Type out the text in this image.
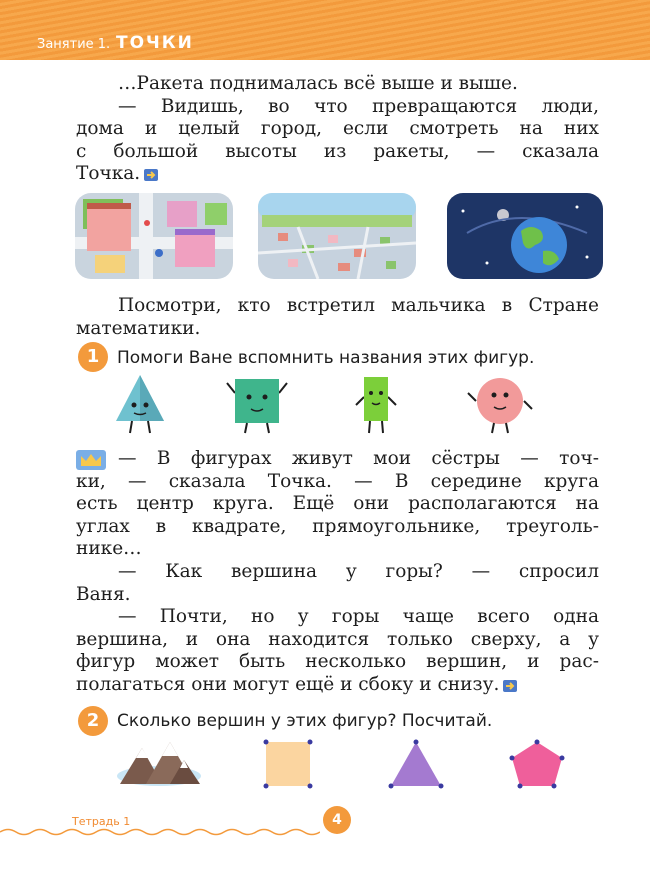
Занятие 1. ТОЧКИ
…Ракета поднималась всё выше и выше.
— Видишь, во что превращаются люди,
дома и целый город, если смотреть на них
с большой высоты из ракеты, — сказала
Точка.
Посмотри, кто встретил мальчика в Стране
математики.
1	Помоги Ване вспомнить названия этих фигур.
— В фигурах живут мои сёстры — точ-
ки, — сказала Точка. — В середине круга
есть центр круга. Ещё они располагаются на
углах в квадрате, прямоугольнике, треуголь-
нике…
— Как вершина у горы? — спросил
Ваня.
— Почти, но у горы чаще всего одна
вершина, и она находится только сверху, а у
фигур может быть несколько вершин, и рас-
полагаться они могут ещё и сбоку и снизу.
2	Сколько вершин у этих фигур? Посчитай.
Тетрадь 1	4
